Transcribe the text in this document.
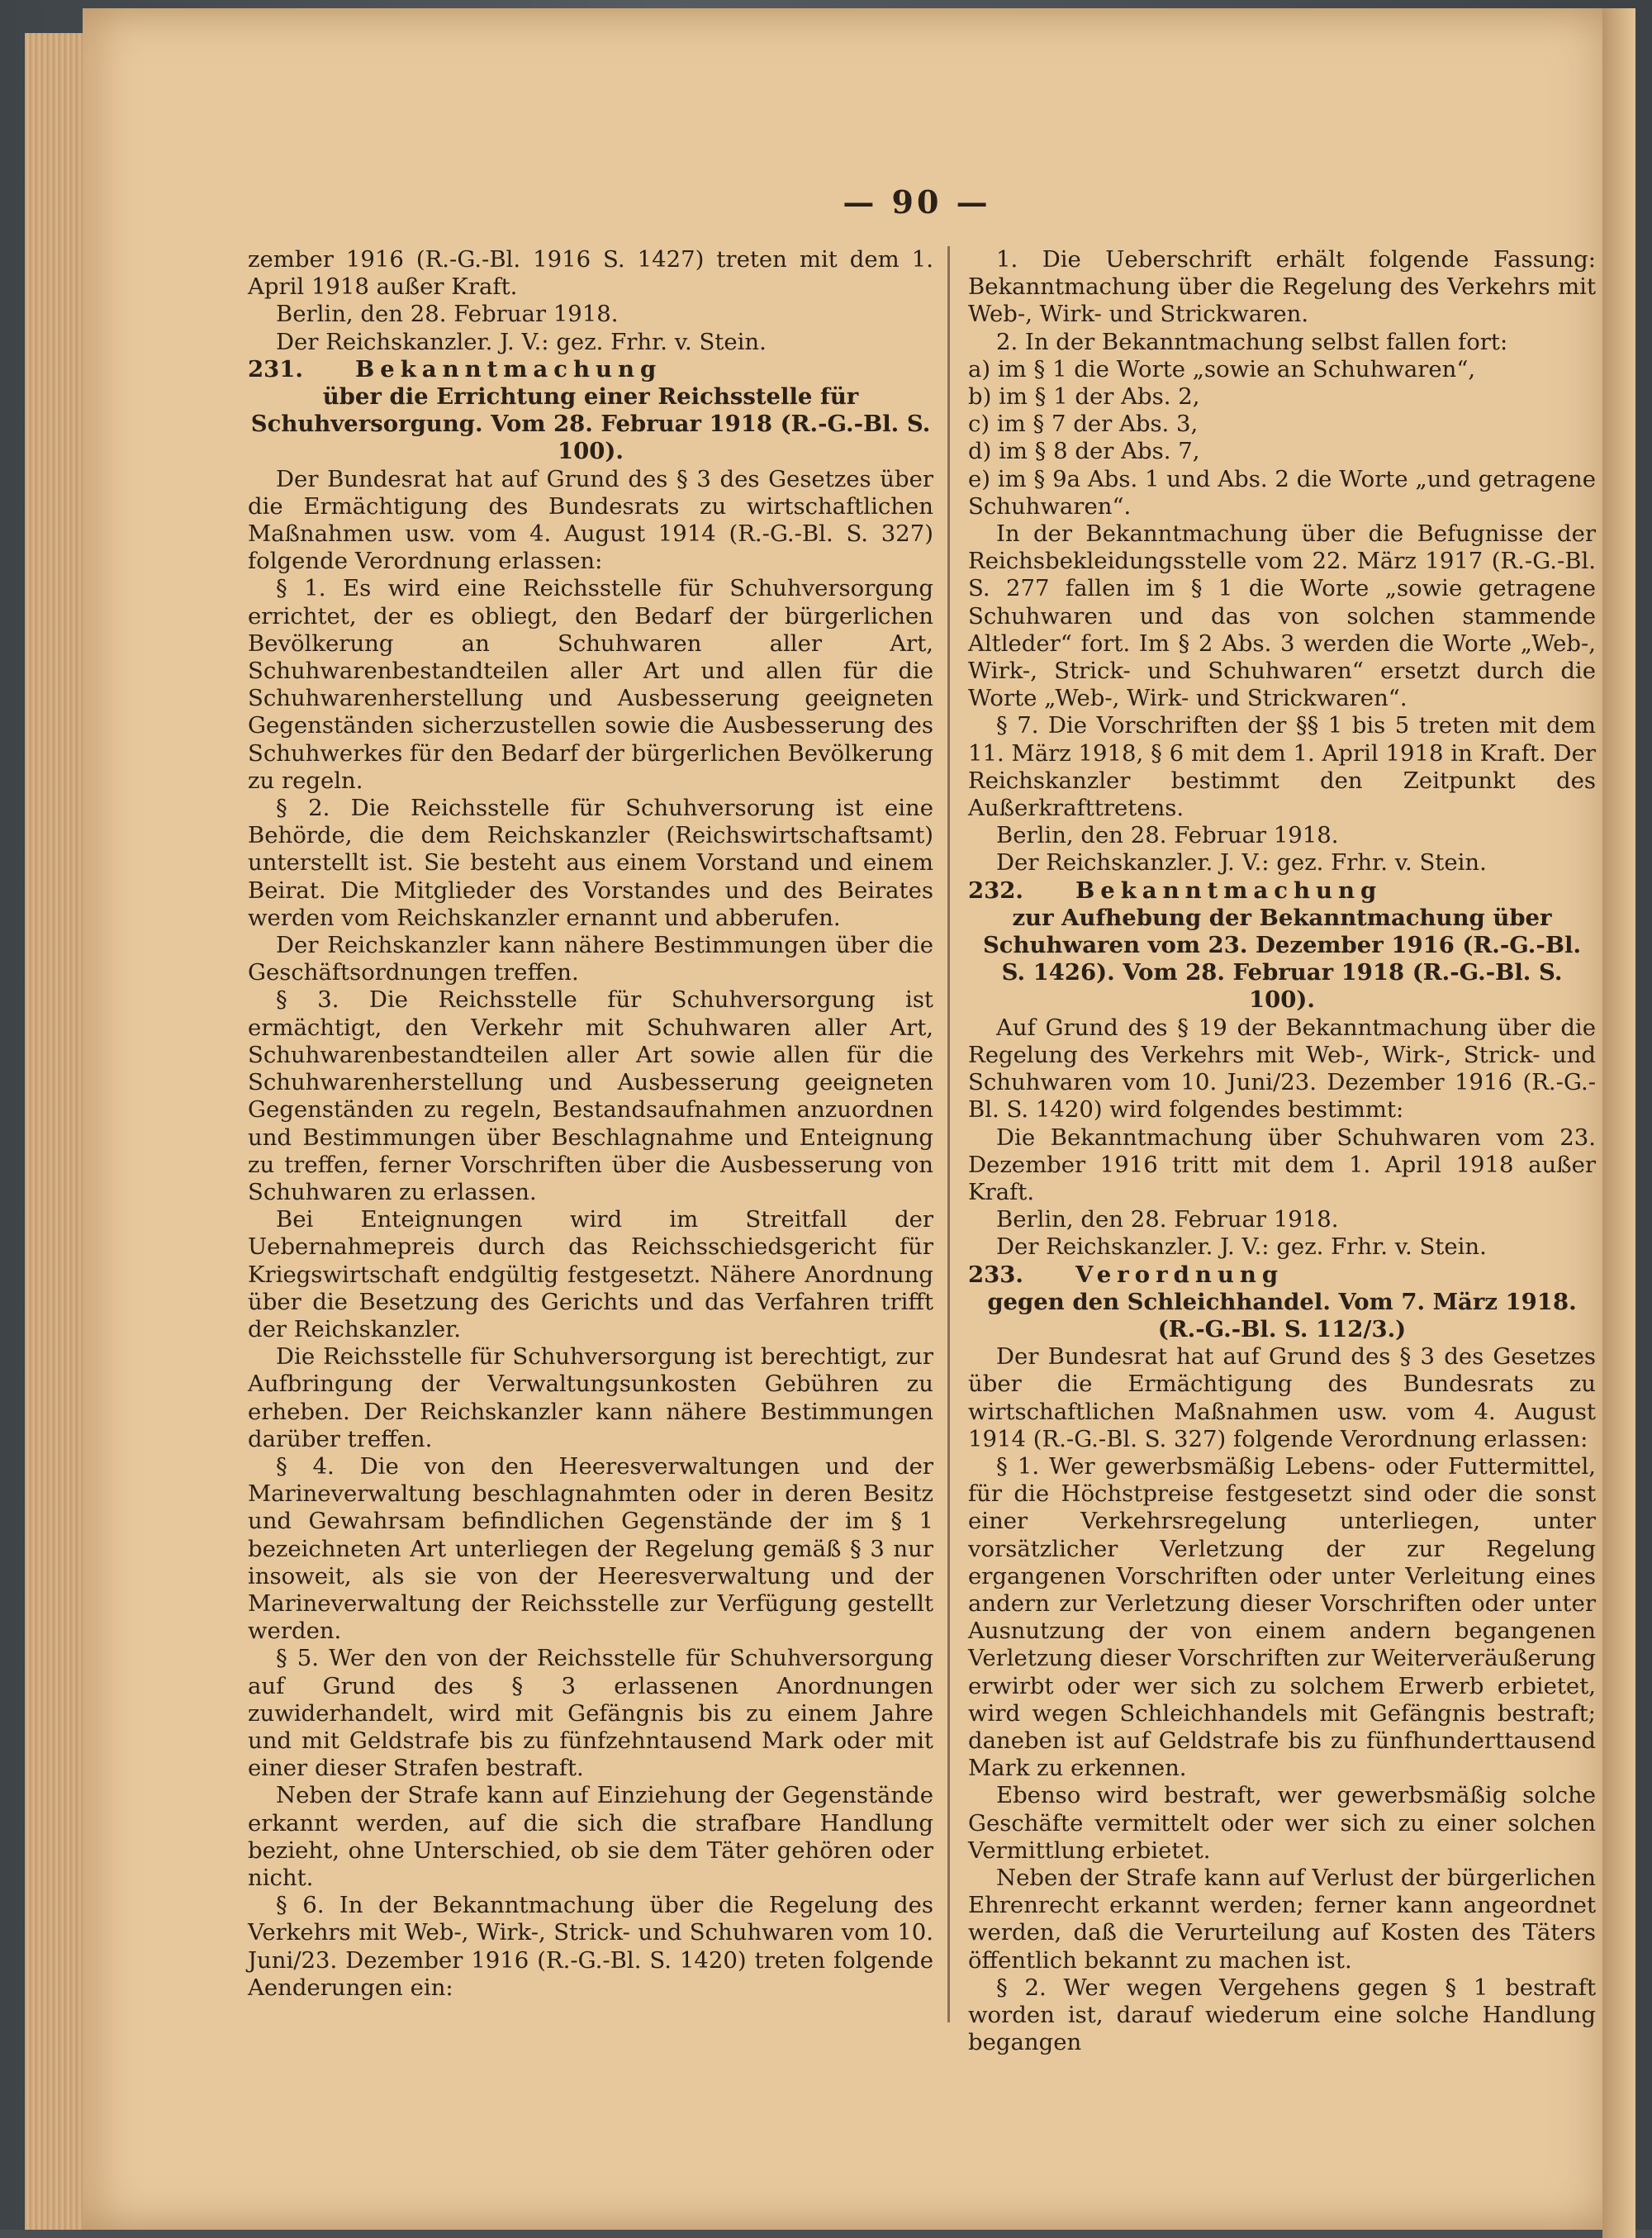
— 90 —

zember 1916 (R.-G.-Bl. 1916 S. 1427) treten mit dem 1. April 1918 außer Kraft.

Berlin, den 28. Februar 1918.

Der Reichskanzler. J. V.: gez. Frhr. v. Stein.

231. Bekanntmachung

über die Errichtung einer Reichsstelle für Schuhversorgung. Vom 28. Februar 1918 (R.-G.-Bl. S. 100).

Der Bundesrat hat auf Grund des § 3 des Gesetzes über die Ermächtigung des Bundesrats zu wirtschaftlichen Maßnahmen usw. vom 4. August 1914 (R.-G.-Bl. S. 327) folgende Verordnung erlassen:

§ 1. Es wird eine Reichsstelle für Schuhversorgung errichtet, der es obliegt, den Bedarf der bürgerlichen Bevölkerung an Schuhwaren aller Art, Schuhwarenbestandteilen aller Art und allen für die Schuhwarenherstellung und Ausbesserung geeigneten Gegenständen sicherzustellen sowie die Ausbesserung des Schuhwerkes für den Bedarf der bürgerlichen Bevölkerung zu regeln.

§ 2. Die Reichsstelle für Schuhversorung ist eine Behörde, die dem Reichskanzler (Reichswirtschaftsamt) unterstellt ist. Sie besteht aus einem Vorstand und einem Beirat. Die Mitglieder des Vorstandes und des Beirates werden vom Reichskanzler ernannt und abberufen.

Der Reichskanzler kann nähere Bestimmungen über die Geschäftsordnungen treffen.

§ 3. Die Reichsstelle für Schuhversorgung ist ermächtigt, den Verkehr mit Schuhwaren aller Art, Schuhwarenbestandteilen aller Art sowie allen für die Schuhwarenherstellung und Ausbesserung geeigneten Gegenständen zu regeln, Bestandsaufnahmen anzuordnen und Bestimmungen über Beschlagnahme und Enteignung zu treffen, ferner Vorschriften über die Ausbesserung von Schuhwaren zu erlassen.

Bei Enteignungen wird im Streitfall der Uebernahmepreis durch das Reichsschiedsgericht für Kriegswirtschaft endgültig festgesetzt. Nähere Anordnung über die Besetzung des Gerichts und das Verfahren trifft der Reichskanzler.

Die Reichsstelle für Schuhversorgung ist berechtigt, zur Aufbringung der Verwaltungsunkosten Gebühren zu erheben. Der Reichskanzler kann nähere Bestimmungen darüber treffen.

§ 4. Die von den Heeresverwaltungen und der Marineverwaltung beschlagnahmten oder in deren Besitz und Gewahrsam befindlichen Gegenstände der im § 1 bezeichneten Art unterliegen der Regelung gemäß § 3 nur insoweit, als sie von der Heeresverwaltung und der Marineverwaltung der Reichsstelle zur Verfügung gestellt werden.

§ 5. Wer den von der Reichsstelle für Schuhversorgung auf Grund des § 3 erlassenen Anordnungen zuwiderhandelt, wird mit Gefängnis bis zu einem Jahre und mit Geldstrafe bis zu fünfzehntausend Mark oder mit einer dieser Strafen bestraft.

Neben der Strafe kann auf Einziehung der Gegenstände erkannt werden, auf die sich die strafbare Handlung bezieht, ohne Unterschied, ob sie dem Täter gehören oder nicht.

§ 6. In der Bekanntmachung über die Regelung des Verkehrs mit Web-, Wirk-, Strick- und Schuhwaren vom 10. Juni/23. Dezember 1916 (R.-G.-Bl. S. 1420) treten folgende Aenderungen ein:

1. Die Ueberschrift erhält folgende Fassung: Bekanntmachung über die Regelung des Verkehrs mit Web-, Wirk- und Strickwaren.

2. In der Bekanntmachung selbst fallen fort:

a) im § 1 die Worte „sowie an Schuhwaren“,

b) im § 1 der Abs. 2,

c) im § 7 der Abs. 3,

d) im § 8 der Abs. 7,

e) im § 9a Abs. 1 und Abs. 2 die Worte „und getragene Schuhwaren“.

In der Bekanntmachung über die Befugnisse der Reichsbekleidungsstelle vom 22. März 1917 (R.-G.-Bl. S. 277 fallen im § 1 die Worte „sowie getragene Schuhwaren und das von solchen stammende Altleder“ fort. Im § 2 Abs. 3 werden die Worte „Web-, Wirk-, Strick- und Schuhwaren“ ersetzt durch die Worte „Web-, Wirk- und Strickwaren“.

§ 7. Die Vorschriften der §§ 1 bis 5 treten mit dem 11. März 1918, § 6 mit dem 1. April 1918 in Kraft. Der Reichskanzler bestimmt den Zeitpunkt des Außerkrafttretens.

Berlin, den 28. Februar 1918.

Der Reichskanzler. J. V.: gez. Frhr. v. Stein.

232. Bekanntmachung

zur Aufhebung der Bekanntmachung über Schuhwaren vom 23. Dezember 1916 (R.-G.-Bl. S. 1426). Vom 28. Februar 1918 (R.-G.-Bl. S. 100).

Auf Grund des § 19 der Bekanntmachung über die Regelung des Verkehrs mit Web-, Wirk-, Strick- und Schuhwaren vom 10. Juni/23. Dezember 1916 (R.-G.-Bl. S. 1420) wird folgendes bestimmt:

Die Bekanntmachung über Schuhwaren vom 23. Dezember 1916 tritt mit dem 1. April 1918 außer Kraft.

Berlin, den 28. Februar 1918.

Der Reichskanzler. J. V.: gez. Frhr. v. Stein.

233. Verordnung

gegen den Schleichhandel. Vom 7. März 1918. (R.-G.-Bl. S. 112/3.)

Der Bundesrat hat auf Grund des § 3 des Gesetzes über die Ermächtigung des Bundesrats zu wirtschaftlichen Maßnahmen usw. vom 4. August 1914 (R.-G.-Bl. S. 327) folgende Verordnung erlassen:

§ 1. Wer gewerbsmäßig Lebens- oder Futtermittel, für die Höchstpreise festgesetzt sind oder die sonst einer Verkehrsregelung unterliegen, unter vorsätzlicher Verletzung der zur Regelung ergangenen Vorschriften oder unter Verleitung eines andern zur Verletzung dieser Vorschriften oder unter Ausnutzung der von einem andern begangenen Verletzung dieser Vorschriften zur Weiterveräußerung erwirbt oder wer sich zu solchem Erwerb erbietet, wird wegen Schleichhandels mit Gefängnis bestraft; daneben ist auf Geldstrafe bis zu fünfhunderttausend Mark zu erkennen.

Ebenso wird bestraft, wer gewerbsmäßig solche Geschäfte vermittelt oder wer sich zu einer solchen Vermittlung erbietet.

Neben der Strafe kann auf Verlust der bürgerlichen Ehrenrecht erkannt werden; ferner kann angeordnet werden, daß die Verurteilung auf Kosten des Täters öffentlich bekannt zu machen ist.

§ 2. Wer wegen Vergehens gegen § 1 bestraft worden ist, darauf wiederum eine solche Handlung begangen
